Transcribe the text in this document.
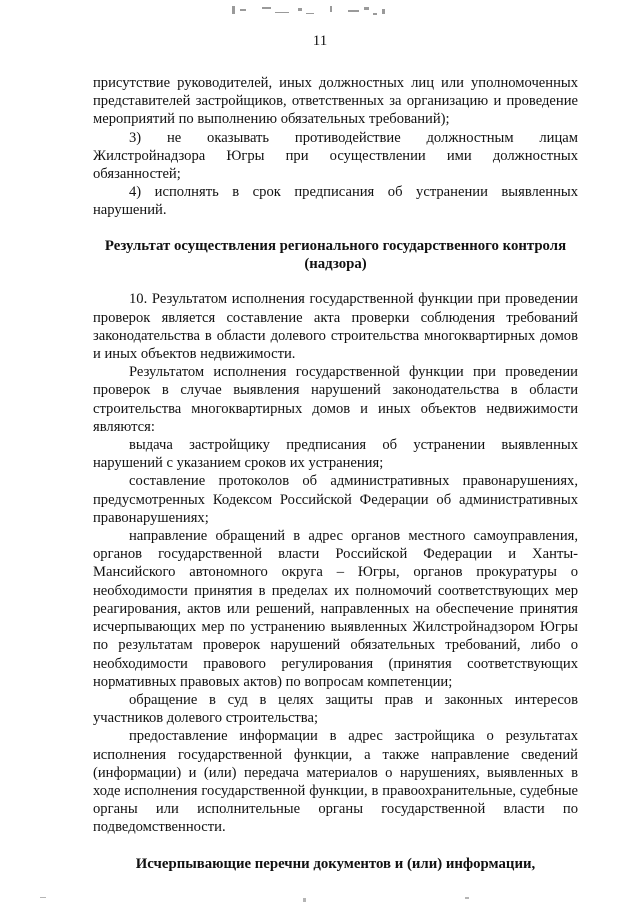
11

присутствие руководителей, иных должностных лиц или уполномоченных представителей застройщиков, ответственных за организацию и проведение мероприятий по выполнению обязательных требований);

3) не оказывать противодействие должностным лицам Жилстройнадзора Югры при осуществлении ими должностных обязанностей;

4) исполнять в срок предписания об устранении выявленных нарушений.

Результат осуществления регионального государственного контроля (надзора)

10. Результатом исполнения государственной функции при проведении проверок является составление акта проверки соблюдения требований законодательства в области долевого строительства многоквартирных домов и иных объектов недвижимости.

Результатом исполнения государственной функции при проведении проверок в случае выявления нарушений законодательства в области строительства многоквартирных домов и иных объектов недвижимости являются:

выдача застройщику предписания об устранении выявленных нарушений с указанием сроков их устранения;

составление протоколов об административных правонарушениях, предусмотренных Кодексом Российской Федерации об административных правонарушениях;

направление обращений в адрес органов местного самоуправления, органов государственной власти Российской Федерации и Ханты-Мансийского автономного округа – Югры, органов прокуратуры о необходимости принятия в пределах их полномочий соответствующих мер реагирования, актов или решений, направленных на обеспечение принятия исчерпывающих мер по устранению выявленных Жилстройнадзором Югры по результатам проверок нарушений обязательных требований, либо о необходимости правового регулирования (принятия соответствующих нормативных правовых актов) по вопросам компетенции;

обращение в суд в целях защиты прав и законных интересов участников долевого строительства;

предоставление информации в адрес застройщика о результатах исполнения государственной функции, а также направление сведений (информации) и (или) передача материалов о нарушениях, выявленных в ходе исполнения государственной функции, в правоохранительные, судебные органы или исполнительные органы государственной власти по подведомственности.

Исчерпывающие перечни документов и (или) информации,
